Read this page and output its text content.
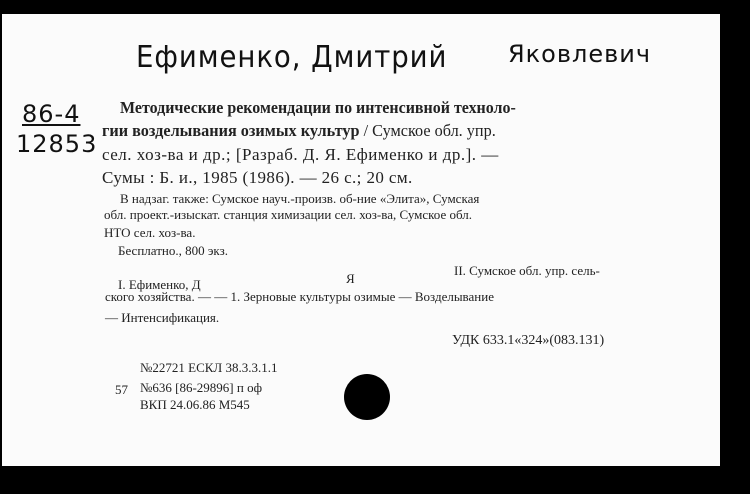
Ефименко, Дмитрий	Яковлевич
86-4
12853
Методические рекомендации по интенсивной техноло-
гии возделывания озимых культур / Сумское обл. упр.
сел. хоз-ва и др.; [Разраб. Д. Я. Ефименко и др.]. —
Сумы : Б. и., 1985 (1986). — 26 с.; 20 см.
В надзаг. также: Сумское науч.-произв. об-ние «Элита», Сумская
обл. проект.-изыскат. станция химизации сел. хоз-ва, Сумское обл.
НТО сел. хоз-ва.
Бесплатно., 800 экз.
I. Ефименко, Д	Я
II. Сумское обл. упр. сель-
ского хозяйства. — — 1. Зерновые культуры озимые — Возделывание
— Интенсификация.
УДК 633.1«324»(083.131)
№22721 ЕСКЛ 38.3.3.1.1
57 №636 [86-29896] п оф
ВКП 24.06.86 М545
